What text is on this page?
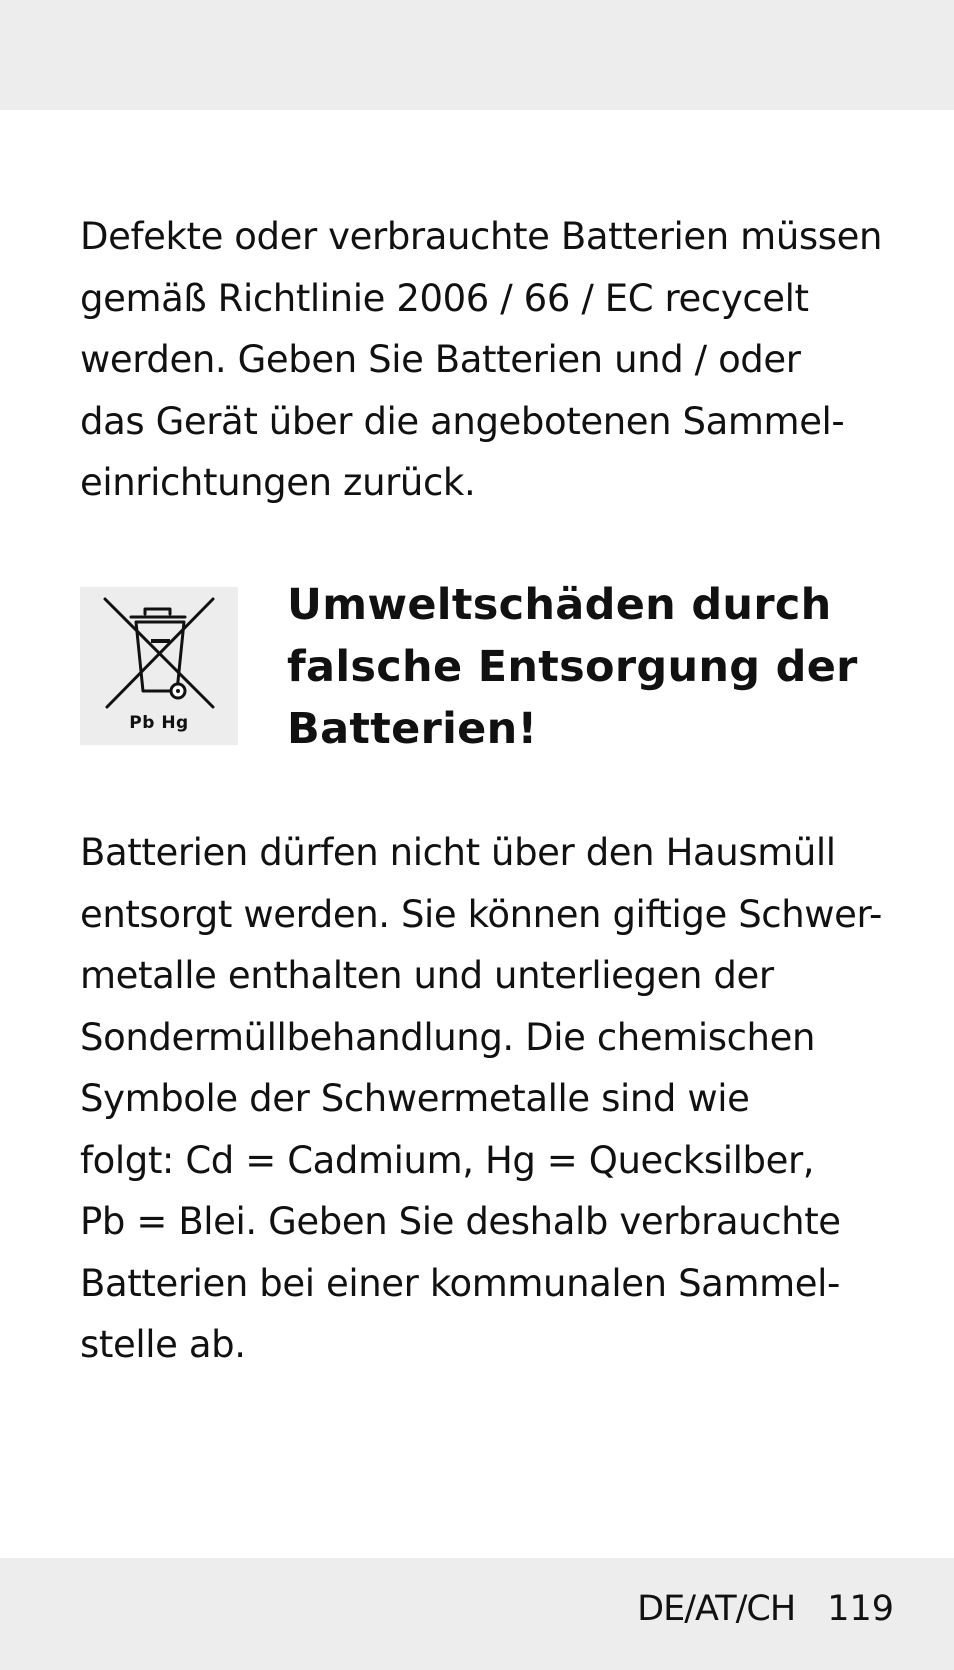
Defekte oder verbrauchte Batterien müssen
gemäß Richtlinie 2006 / 66 / EC recycelt
werden. Geben Sie Batterien und / oder
das Gerät über die angebotenen Sammel-
einrichtungen zurück.

Pb Hg
Umweltschäden durch
falsche Entsorgung der
Batterien!

Batterien dürfen nicht über den Hausmüll
entsorgt werden. Sie können giftige Schwer-
metalle enthalten und unterliegen der
Sondermüllbehandlung. Die chemischen
Symbole der Schwermetalle sind wie
folgt: Cd = Cadmium, Hg = Quecksilber,
Pb = Blei. Geben Sie deshalb verbrauchte
Batterien bei einer kommunalen Sammel-
stelle ab.

DE/AT/CH 119
